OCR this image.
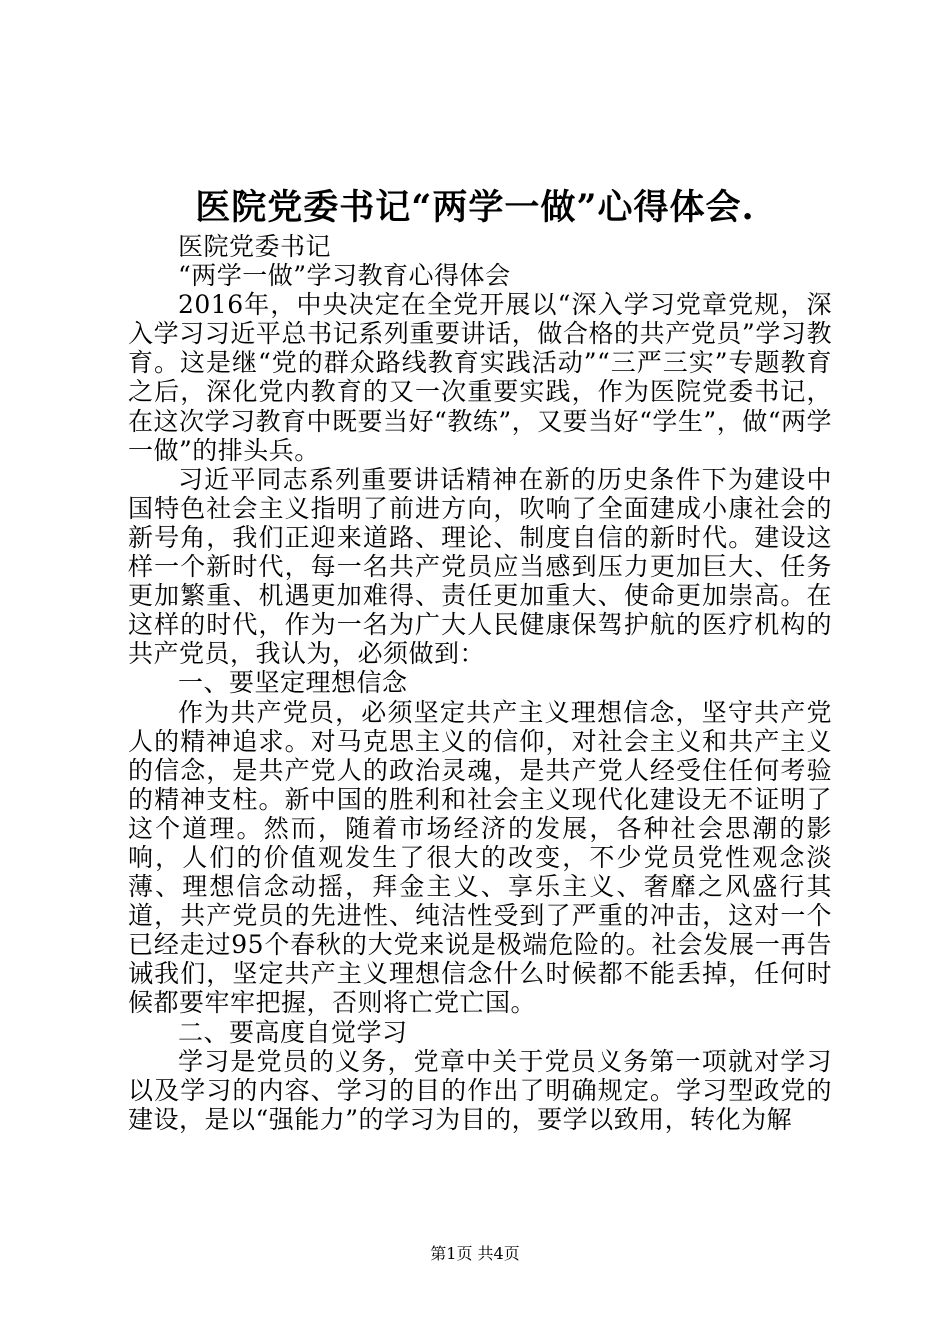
医院党委书记“两学一做”心得体会.

医院党委书记

“两学一做”学习教育心得体会

2016年，中央决定在全党开展以“深入学习党章党规，深入学习习近平总书记系列重要讲话，做合格的共产党员”学习教育。这是继“党的群众路线教育实践活动”“三严三实”专题教育之后，深化党内教育的又一次重要实践，作为医院党委书记，在这次学习教育中既要当好“教练”，又要当好“学生”，做“两学一做”的排头兵。

习近平同志系列重要讲话精神在新的历史条件下为建设中国特色社会主义指明了前进方向，吹响了全面建成小康社会的新号角，我们正迎来道路、理论、制度自信的新时代。建设这样一个新时代，每一名共产党员应当感到压力更加巨大、任务更加繁重、机遇更加难得、责任更加重大、使命更加崇高。在这样的时代，作为一名为广大人民健康保驾护航的医疗机构的共产党员，我认为，必须做到：

一、要坚定理想信念

作为共产党员，必须坚定共产主义理想信念，坚守共产党人的精神追求。对马克思主义的信仰，对社会主义和共产主义的信念，是共产党人的政治灵魂，是共产党人经受住任何考验的精神支柱。新中国的胜利和社会主义现代化建设无不证明了这个道理。然而，随着市场经济的发展，各种社会思潮的影响，人们的价值观发生了很大的改变，不少党员党性观念淡薄、理想信念动摇，拜金主义、享乐主义、奢靡之风盛行其道，共产党员的先进性、纯洁性受到了严重的冲击，这对一个已经走过95个春秋的大党来说是极端危险的。社会发展一再告诫我们，坚定共产主义理想信念什么时候都不能丢掉，任何时候都要牢牢把握，否则将亡党亡国。

二、要高度自觉学习

学习是党员的义务，党章中关于党员义务第一项就对学习以及学习的内容、学习的目的作出了明确规定。学习型政党的建设，是以“强能力”的学习为目的，要学以致用，转化为解

第1页 共4页
